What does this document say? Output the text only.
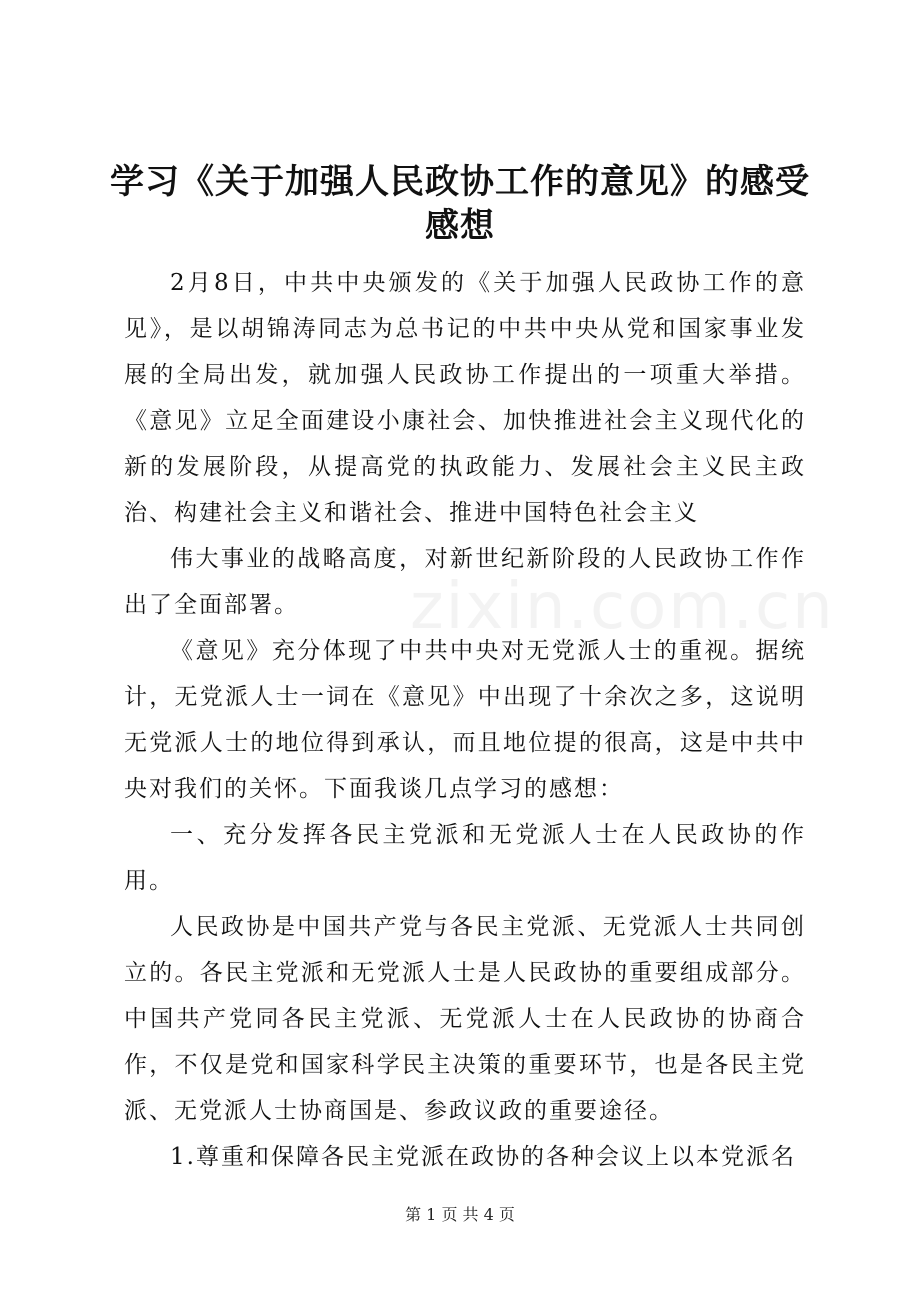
zixin.com.cn
学习《关于加强人民政协工作的意见》的感受
感想

2月8日，中共中央颁发的《关于加强人民政协工作的意见》，是以胡锦涛同志为总书记的中共中央从党和国家事业发展的全局出发，就加强人民政协工作提出的一项重大举措。《意见》立足全面建设小康社会、加快推进社会主义现代化的新的发展阶段，从提高党的执政能力、发展社会主义民主政治、构建社会主义和谐社会、推进中国特色社会主义

伟大事业的战略高度，对新世纪新阶段的人民政协工作作出了全面部署。

《意见》充分体现了中共中央对无党派人士的重视。据统计，无党派人士一词在《意见》中出现了十余次之多，这说明无党派人士的地位得到承认，而且地位提的很高，这是中共中央对我们的关怀。下面我谈几点学习的感想：

一、充分发挥各民主党派和无党派人士在人民政协的作用。

人民政协是中国共产党与各民主党派、无党派人士共同创立的。各民主党派和无党派人士是人民政协的重要组成部分。中国共产党同各民主党派、无党派人士在人民政协的协商合作，不仅是党和国家科学民主决策的重要环节，也是各民主党派、无党派人士协商国是、参政议政的重要途径。

1.尊重和保障各民主党派在政协的各种会议上以本党派名

第 1 页 共 4 页
